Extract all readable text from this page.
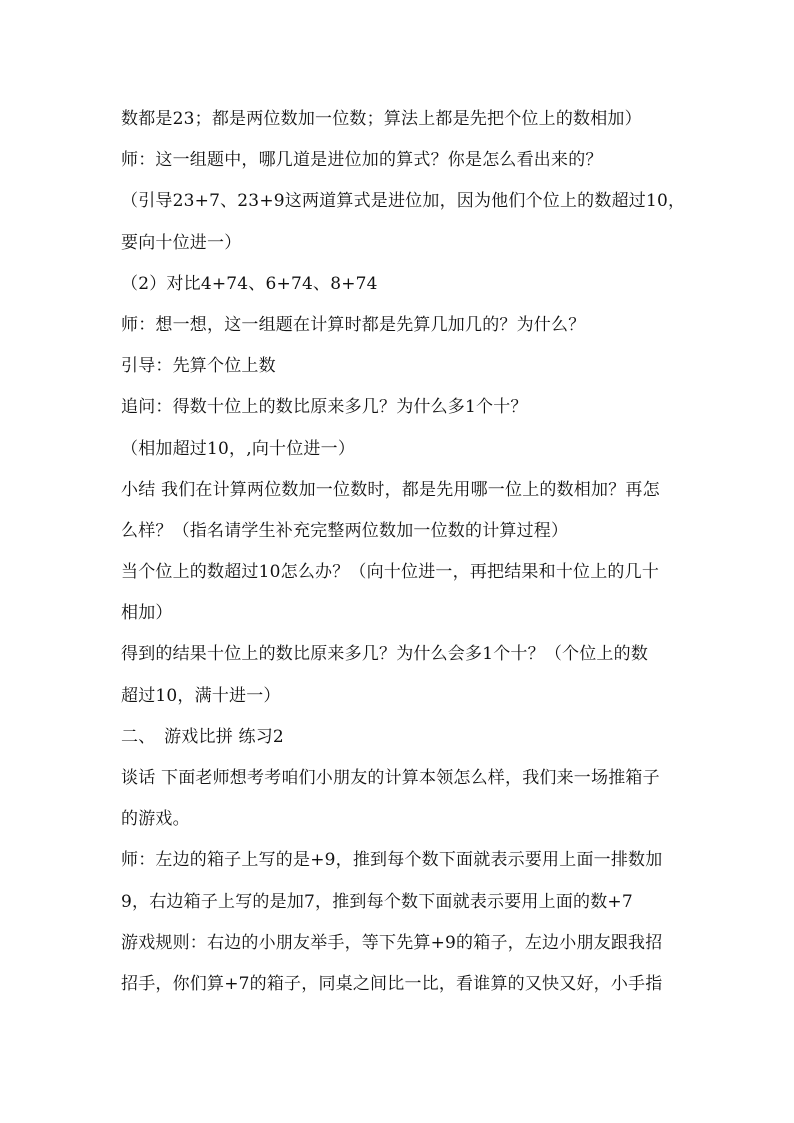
数都是23；都是两位数加一位数；算法上都是先把个位上的数相加）
师：这一组题中，哪几道是进位加的算式？你是怎么看出来的？
（引导23+7、23+9这两道算式是进位加，因为他们个位上的数超过10，
要向十位进一）
（2）对比4+74、6+74、8+74
师：想一想，这一组题在计算时都是先算几加几的？为什么？
引导：先算个位上数
追问：得数十位上的数比原来多几？为什么多1个十？
（相加超过10，,向十位进一）
小结 我们在计算两位数加一位数时，都是先用哪一位上的数相加？再怎
么样？（指名请学生补充完整两位数加一位数的计算过程）
当个位上的数超过10怎么办？（向十位进一，再把结果和十位上的几十
相加）
得到的结果十位上的数比原来多几？为什么会多1个十？（个位上的数
超过10，满十进一）
二、　游戏比拼 练习2
谈话 下面老师想考考咱们小朋友的计算本领怎么样，我们来一场推箱子
的游戏。
师：左边的箱子上写的是+9，推到每个数下面就表示要用上面一排数加
9，右边箱子上写的是加7，推到每个数下面就表示要用上面的数+7
游戏规则：右边的小朋友举手，等下先算+9的箱子，左边小朋友跟我招
招手，你们算+7的箱子，同桌之间比一比，看谁算的又快又好，小手指
